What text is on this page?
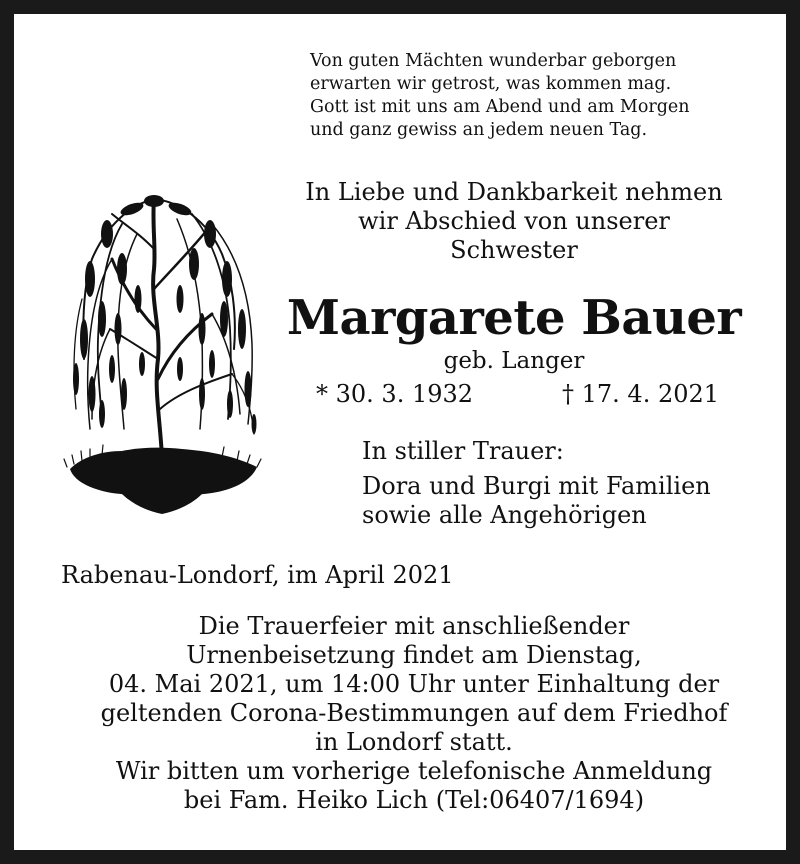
Von guten Mächten wunderbar geborgen
erwarten wir getrost, was kommen mag.
Gott ist mit uns am Abend und am Morgen
und ganz gewiss an jedem neuen Tag.
In Liebe und Dankbarkeit nehmen
wir Abschied von unserer
Schwester
Margarete Bauer
geb. Langer
* 30. 3. 1932	† 17. 4. 2021
In stiller Trauer:
Dora und Burgi mit Familien
sowie alle Angehörigen
Rabenau-Londorf, im April 2021
Die Trauerfeier mit anschließender
Urnenbeisetzung findet am Dienstag,
04. Mai 2021, um 14:00 Uhr unter Einhaltung der
geltenden Corona-Bestimmungen auf dem Friedhof
in Londorf statt.
Wir bitten um vorherige telefonische Anmeldung
bei Fam. Heiko Lich (Tel:06407/1694)
